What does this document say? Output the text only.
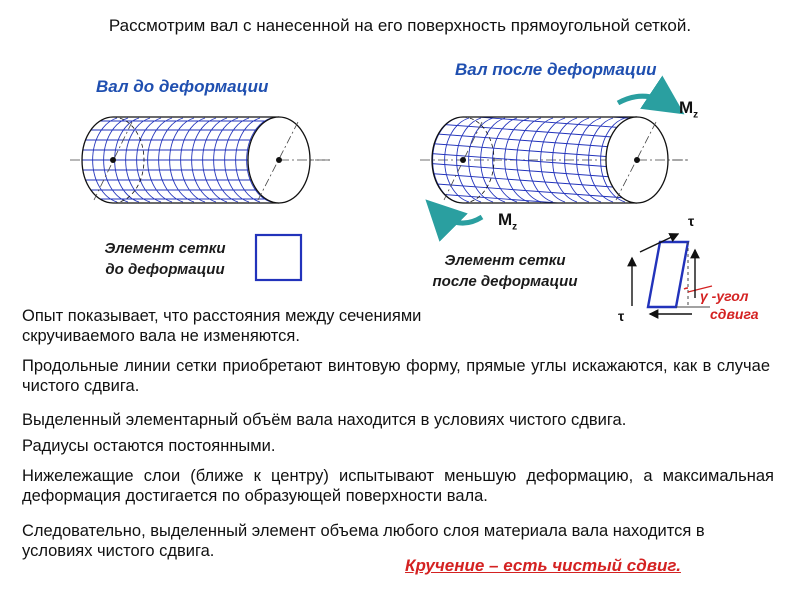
Рассмотрим вал с нанесенной на его поверхность прямоугольной сеткой.
Вал до деформации
Вал после деформации
$M_z$
$M_z$
Элемент сетки
до деформации
Элемент сетки
после деформации
τ
τ
γ -угол
сдвига
Опыт показывает, что расстояния между сечениями
скручиваемого вала не изменяются.
Продольные линии сетки приобретают винтовую форму, прямые углы искажаются, как в случае чистого сдвига.
Выделенный элементарный объём вала находится в условиях чистого сдвига.
Радиусы остаются постоянными.
Нижележащие слои (ближе к центру) испытывают меньшую деформацию, а максимальная деформация достигается по образующей поверхности вала.
Следовательно, выделенный элемент объема любого слоя материала вала находится в условиях чистого сдвига.
Кручение – есть чистый сдвиг.
